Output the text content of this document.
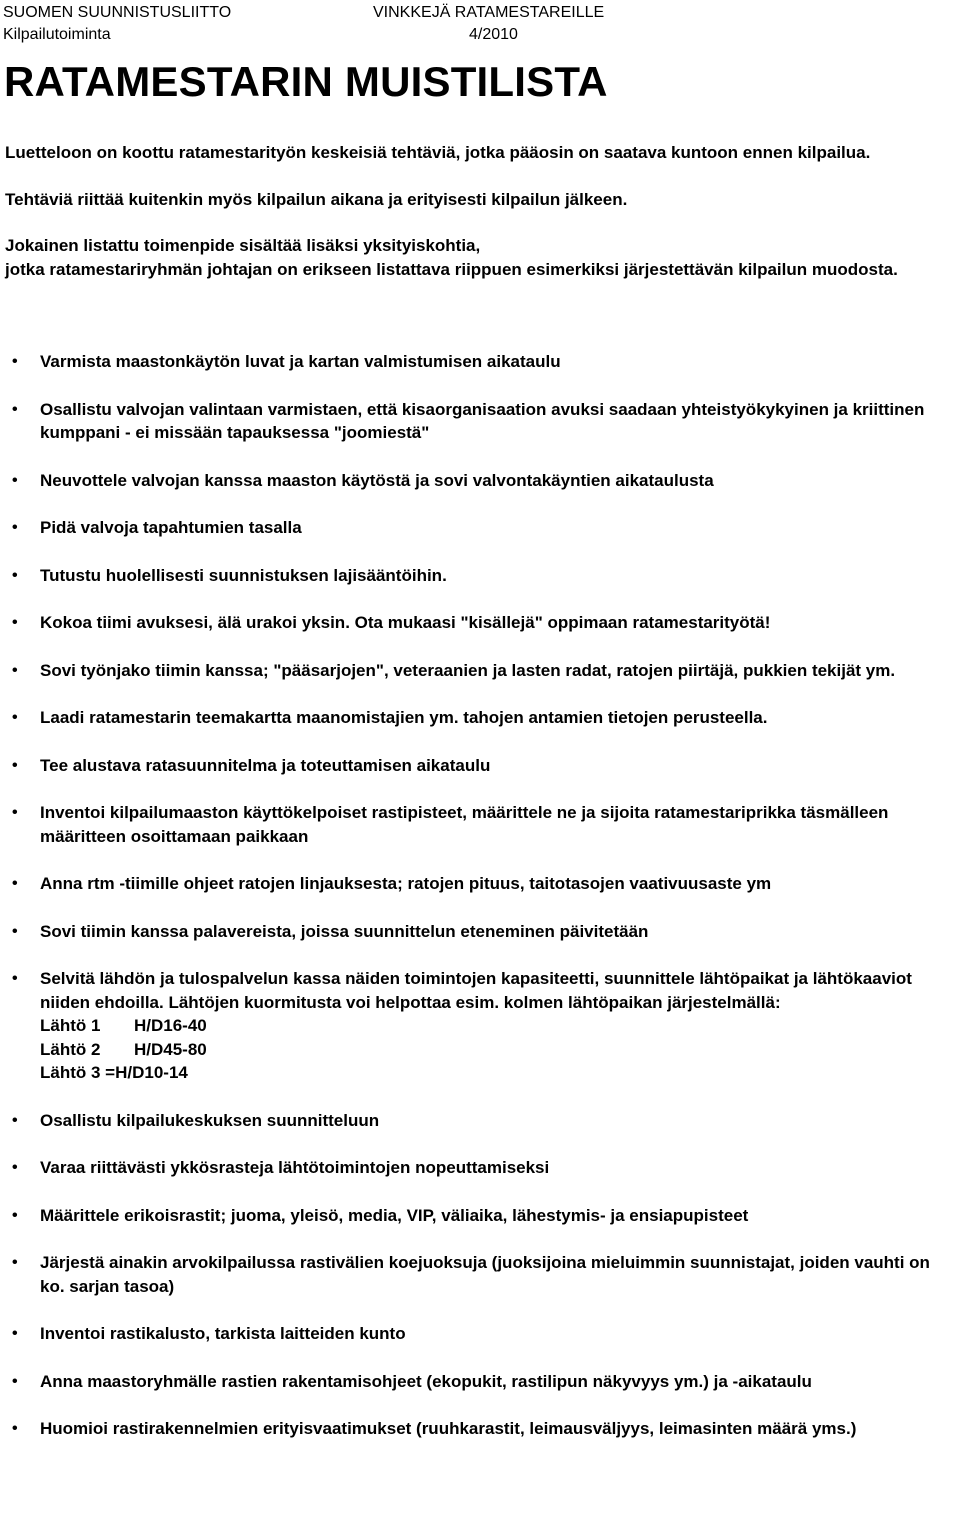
SUOMEN SUUNNISTUSLIITTO	VINKKEJÄ RATAMESTAREILLE
Kilpailutoiminta	4/2010
RATAMESTARIN MUISTILISTA

Luetteloon on koottu ratamestarityön keskeisiä tehtäviä, jotka pääosin on saatava kuntoon ennen kilpailua.

Tehtäviä riittää kuitenkin myös kilpailun aikana ja erityisesti kilpailun jälkeen.

Jokainen listattu toimenpide sisältää lisäksi yksityiskohtia,
jotka ratamestariryhmän johtajan on erikseen listattava riippuen esimerkiksi järjestettävän kilpailun muodosta.

• Varmista maastonkäytön luvat ja kartan valmistumisen aikataulu
• Osallistu valvojan valintaan varmistaen, että kisaorganisaation avuksi saadaan yhteistyökykyinen ja kriittinen kumppani - ei missään tapauksessa "joomiestä"
• Neuvottele valvojan kanssa maaston käytöstä ja sovi valvontakäyntien aikataulusta
• Pidä valvoja tapahtumien tasalla
• Tutustu huolellisesti suunnistuksen lajisääntöihin.
• Kokoa tiimi avuksesi, älä urakoi yksin. Ota mukaasi "kisällejä" oppimaan ratamestarityötä!
• Sovi työnjako tiimin kanssa; "pääsarjojen", veteraanien ja lasten radat, ratojen piirtäjä, pukkien tekijät ym.
• Laadi ratamestarin teemakartta maanomistajien ym. tahojen antamien tietojen perusteella.
• Tee alustava ratasuunnitelma ja toteuttamisen aikataulu
• Inventoi kilpailumaaston käyttökelpoiset rastipisteet, määrittele ne ja sijoita ratamestariprikka täsmälleen määritteen osoittamaan paikkaan
• Anna rtm -tiimille ohjeet ratojen linjauksesta; ratojen pituus, taitotasojen vaativuusaste ym
• Sovi tiimin kanssa palavereista, joissa suunnittelun eteneminen päivitetään
• Selvitä lähdön ja tulospalvelun kassa näiden toimintojen kapasiteetti, suunnittele lähtöpaikat ja lähtökaaviot niiden ehdoilla. Lähtöjen kuormitusta voi helpottaa esim. kolmen lähtöpaikan järjestelmällä:
Lähtö 1 H/D16-40
Lähtö 2 H/D45-80
Lähtö 3 =H/D10-14
• Osallistu kilpailukeskuksen suunnitteluun
• Varaa riittävästi ykkösrasteja lähtötoimintojen nopeuttamiseksi
• Määrittele erikoisrastit; juoma, yleisö, media, VIP, väliaika, lähestymis- ja ensiapupisteet
• Järjestä ainakin arvokilpailussa rastivälien koejuoksuja (juoksijoina mieluimmin suunnistajat, joiden vauhti on ko. sarjan tasoa)
• Inventoi rastikalusto, tarkista laitteiden kunto
• Anna maastoryhmälle rastien rakentamisohjeet (ekopukit, rastilipun näkyvyys ym.) ja -aikataulu
• Huomioi rastirakennelmien erityisvaatimukset (ruuhkarastit, leimausväljyys, leimasinten määrä yms.)
